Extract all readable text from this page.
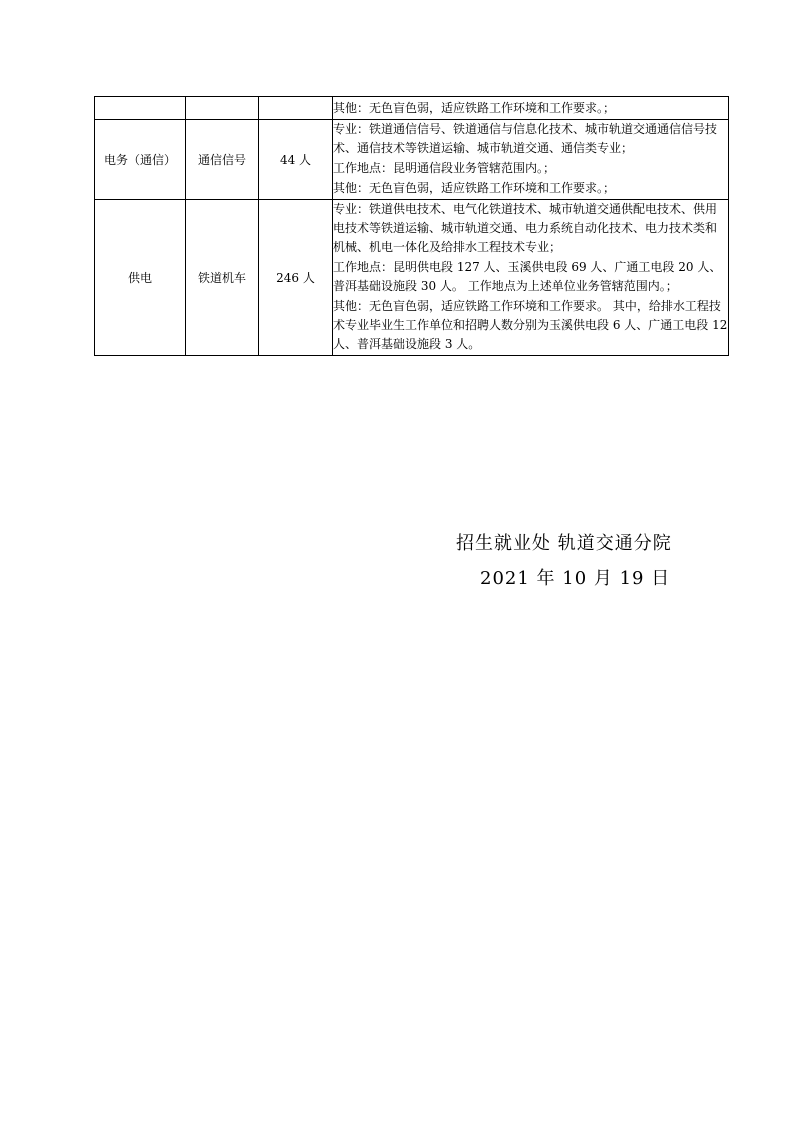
			其他：无色盲色弱，适应铁路工作环境和工作要求。；

电务（通信）	通信信号	44 人	专业：铁道通信信号、铁道通信与信息化技术、城市轨道交通通信信号技术、通信技术等铁道运输、城市轨道交通、通信类专业；

工作地点：昆明通信段业务管辖范围内。；

其他：无色盲色弱，适应铁路工作环境和工作要求。；

供电	铁道机车	246 人	专业：铁道供电技术、电气化铁道技术、城市轨道交通供配电技术、供用电技术等铁道运输、城市轨道交通、电力系统自动化技术、电力技术类和机械、机电一体化及给排水工程技术专业；

工作地点：昆明供电段 127 人、玉溪供电段 69 人、广通工电段 20 人、普洱基础设施段 30 人。 工作地点为上述单位业务管辖范围内。；

其他：无色盲色弱，适应铁路工作环境和工作要求。 其中，给排水工程技术专业毕业生工作单位和招聘人数分别为玉溪供电段 6 人、广通工电段 12 人、普洱基础设施段 3 人。

招生就业处 轨道交通分院
2021 年 10 月 19 日
